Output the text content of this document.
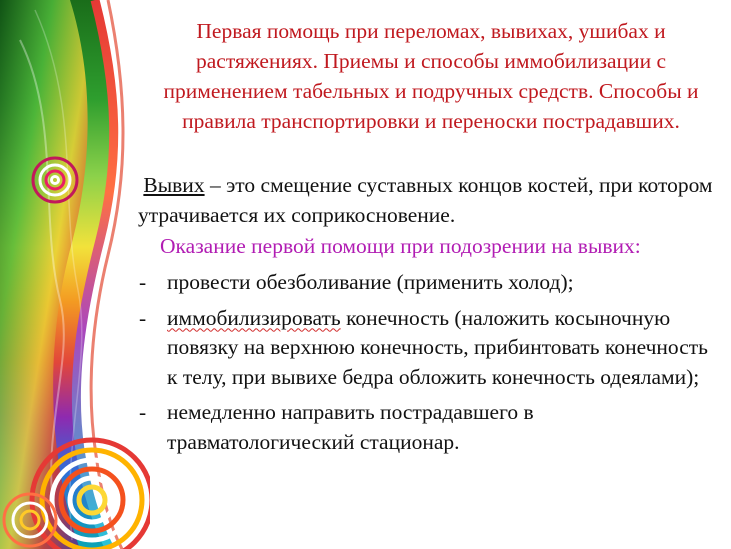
Первая помощь при переломах, вывихах, ушибах и растяжениях. Приемы и способы иммобилизации с применением табельных и подручных средств. Способы и правила транспортировки и переноски пострадавших.

Вывих – это смещение суставных концов костей, при котором утрачивается их соприкосновение.

Оказание первой помощи при подозрении на вывих:

- провести обезболивание (применить холод);
- иммобилизировать конечность (наложить косыночную повязку на верхнюю конечность, прибинтовать конечность к телу, при вывихе бедра обложить конечность одеялами);
- немедленно направить пострадавшего в травматологический стационар.
